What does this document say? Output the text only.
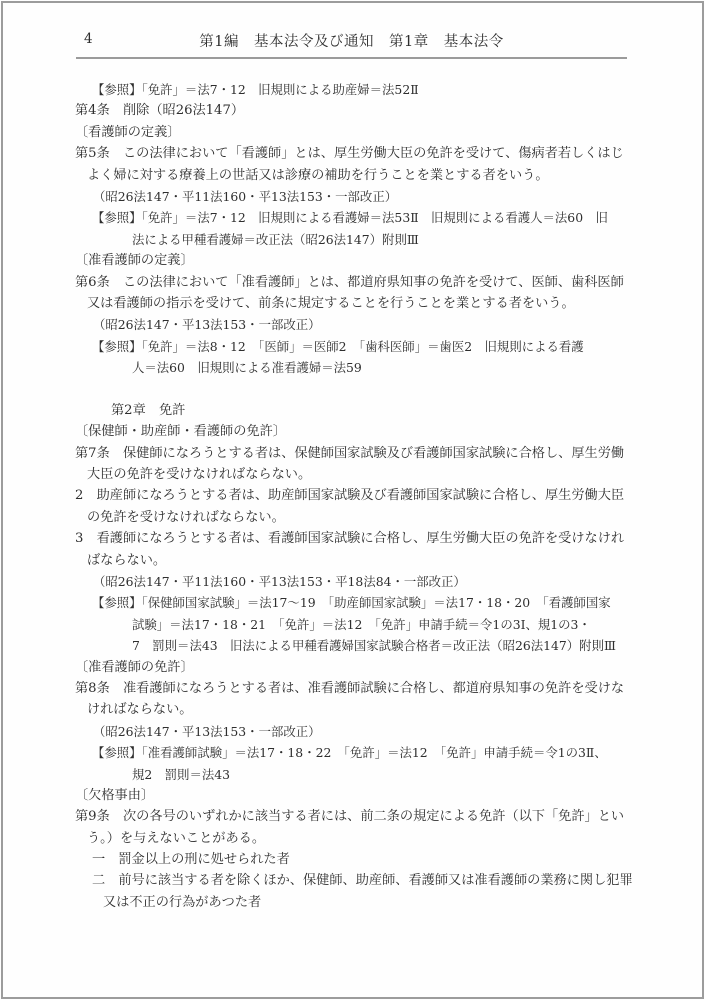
4	第1編　基本法令及び通知　第1章　基本法令
【参照】「免許」＝法7・12　旧規則による助産婦＝法52Ⅱ
第4条　削除（昭26法147）
〔看護師の定義〕
第5条　この法律において「看護師」とは、厚生労働大臣の免許を受けて、傷病者若しくはじ
よく婦に対する療養上の世話又は診療の補助を行うことを業とする者をいう。
（昭26法147・平11法160・平13法153・一部改正）
【参照】「免許」＝法7・12　旧規則による看護婦＝法53Ⅱ　旧規則による看護人＝法60　旧
法による甲種看護婦＝改正法（昭26法147）附則Ⅲ
〔准看護師の定義〕
第6条　この法律において「准看護師」とは、都道府県知事の免許を受けて、医師、歯科医師
又は看護師の指示を受けて、前条に規定することを行うことを業とする者をいう。
（昭26法147・平13法153・一部改正）
【参照】「免許」＝法8・12　「医師」＝医師2　「歯科医師」＝歯医2　旧規則による看護
人＝法60　旧規則による准看護婦＝法59
第2章　免許
〔保健師・助産師・看護師の免許〕
第7条　保健師になろうとする者は、保健師国家試験及び看護師国家試験に合格し、厚生労働
大臣の免許を受けなければならない。
2　助産師になろうとする者は、助産師国家試験及び看護師国家試験に合格し、厚生労働大臣
の免許を受けなければならない。
3　看護師になろうとする者は、看護師国家試験に合格し、厚生労働大臣の免許を受けなけれ
ばならない。
（昭26法147・平11法160・平13法153・平18法84・一部改正）
【参照】「保健師国家試験」＝法17～19　「助産師国家試験」＝法17・18・20　「看護師国家
試験」＝法17・18・21　「免許」＝法12　「免許」申請手続＝令1の3Ⅰ、規1の3・
7　罰則＝法43　旧法による甲種看護婦国家試験合格者＝改正法（昭26法147）附則Ⅲ
〔准看護師の免許〕
第8条　准看護師になろうとする者は、准看護師試験に合格し、都道府県知事の免許を受けな
ければならない。
（昭26法147・平13法153・一部改正）
【参照】「准看護師試験」＝法17・18・22　「免許」＝法12　「免許」申請手続＝令1の3Ⅱ、
規2　罰則＝法43
〔欠格事由〕
第9条　次の各号のいずれかに該当する者には、前二条の規定による免許（以下「免許」とい
う。）を与えないことがある。
一　罰金以上の刑に処せられた者
二　前号に該当する者を除くほか、保健師、助産師、看護師又は准看護師の業務に関し犯罪
又は不正の行為があつた者
